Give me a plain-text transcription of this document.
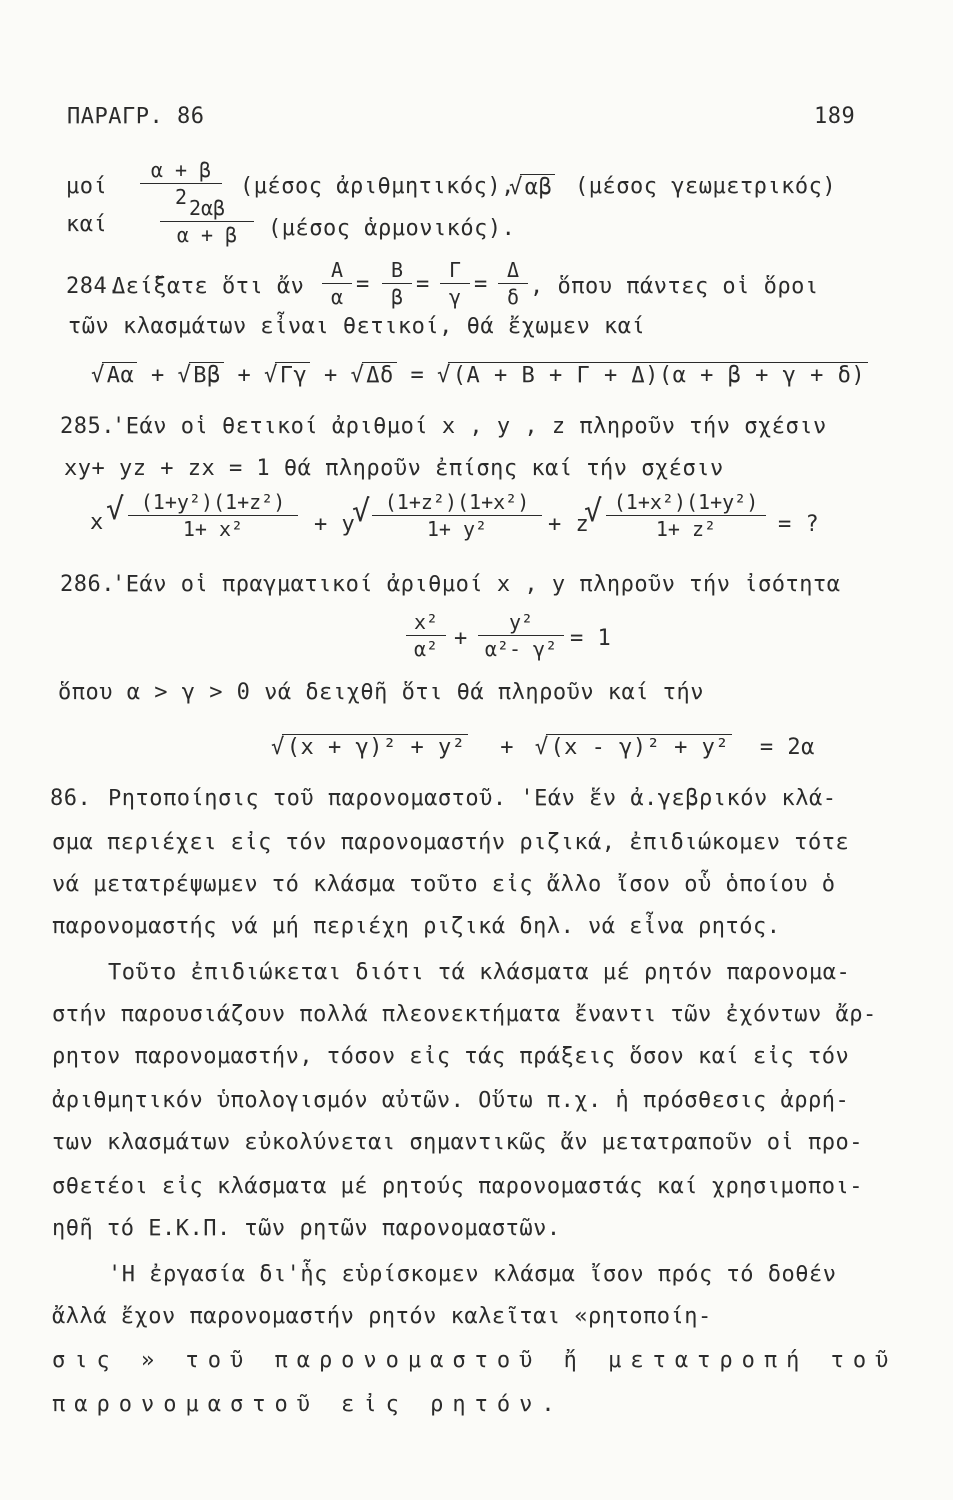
ΠΑΡΑΓΡ. 86	189
μοί $\frac{\alpha + \beta}{2} (\mu έ\sigma o\varsigma$ ἀριθμητικός), √ αβ (μέσος γεωμετρικός)
καί	$\frac{2\alpha\beta}{\alpha + \beta} (\mu έ\sigma o\varsigma$ ἁρμονικός).
284.
Δεί̃ξατε ὅτι ἄν $\frac{A}{\alpha} = \frac{B}{\beta} = \frac{\Gamma}{\gamma} = \frac{\Delta}{\delta}$ , ὅπου πάντες οἱ ὅροι
τῶν κλασμάτων εἶναι θετικοί, θά ἔχωμεν καί
√ Αα + √ Ββ + √ Γγ + √ Δδ = √ (Α + Β + Γ + Δ)(α + β + γ + δ)
285.
'Εάν οἱ θετικοί ἀριθμοί x , y , z πληροῦν τήν σχέσιν
xy+ yz + zx = 1 θά πληροῦν ἐπίσης καί τήν σχέσιν
x √ $\frac{\text{(1+y²)(1+z²)}}{\text{1+ x²}} + y$
√ $\frac{\text{(1+z²)(1+x²)}}{\text{1+ y²}} + z$
√ $\frac{\text{(1+x²)(1+y²)}}{\text{1+ z²}}$ = ?
286.
'Εάν οἱ πραγματικοί ἀριθμοί x , y πληροῦν τήν ἰσότητα
$\frac{\text{x²}}{\text{α²}} + \frac{\text{y²}}{\text{α²- γ²}} = 1$
ὅπου α > γ > 0 νά δειχθῆ ὅτι θά πληροῦν καί τήν
√ (x + γ)² + y² + √ (x - γ)² + y² = 2α
86. Ρητοποίησις τοῦ παρονομαστοῦ. 'Εάν ἕν ἀ.γεβρικόν κλά-
σμα περιέχει εἰς τόν παρονομαστήν ριζικά, ἐπιδιώκομεν τότε
νά μετατρέψωμεν τό κλάσμα τοῦτο εἰς ἄλλο ἴσον οὗ ὁποίου ὁ
παρονομαστής νά μή περιέχη ριζικά δηλ. νά εἶνα ρητός.
Τοῦτο ἐπιδιώκεται διότι τά κλάσματα μέ ρητόν παρονομα-
στήν παρουσιάζουν πολλά πλεονεκτήματα ἔναντι τῶν ἐχόντων ἄρ-
ρητον παρονομαστήν, τόσον εἰς τάς πράξεις ὅσον καί εἰς τόν
ἀριθμητικόν ὑπολογισμόν αὐτῶν. Οὕτω π.χ. ἡ πρόσθεσις ἀρρή-
των κλασμάτων εὐκολύνεται σημαντικῶς ἄν μετατραποῦν οἱ προ-
σθετέοι εἰς κλάσματα μέ ρητούς παρονομαστάς καί χρησιμοποι-
ηθῆ τό Ε.Κ.Π. τῶν ρητῶν παρονομαστῶν.
'Η ἐργασία δι'ἧς εὑρίσκομεν κλάσμα ἴσον πρός τό δοθέν
ἄλλά ἔχον παρονομαστήν ρητόν καλεῖται «ρητοποίη-
σις » τοῦ παρονομαστοῦ ἤ μετατροπή τοῦ
παρονομαστοῦ εἰς ρητόν.
